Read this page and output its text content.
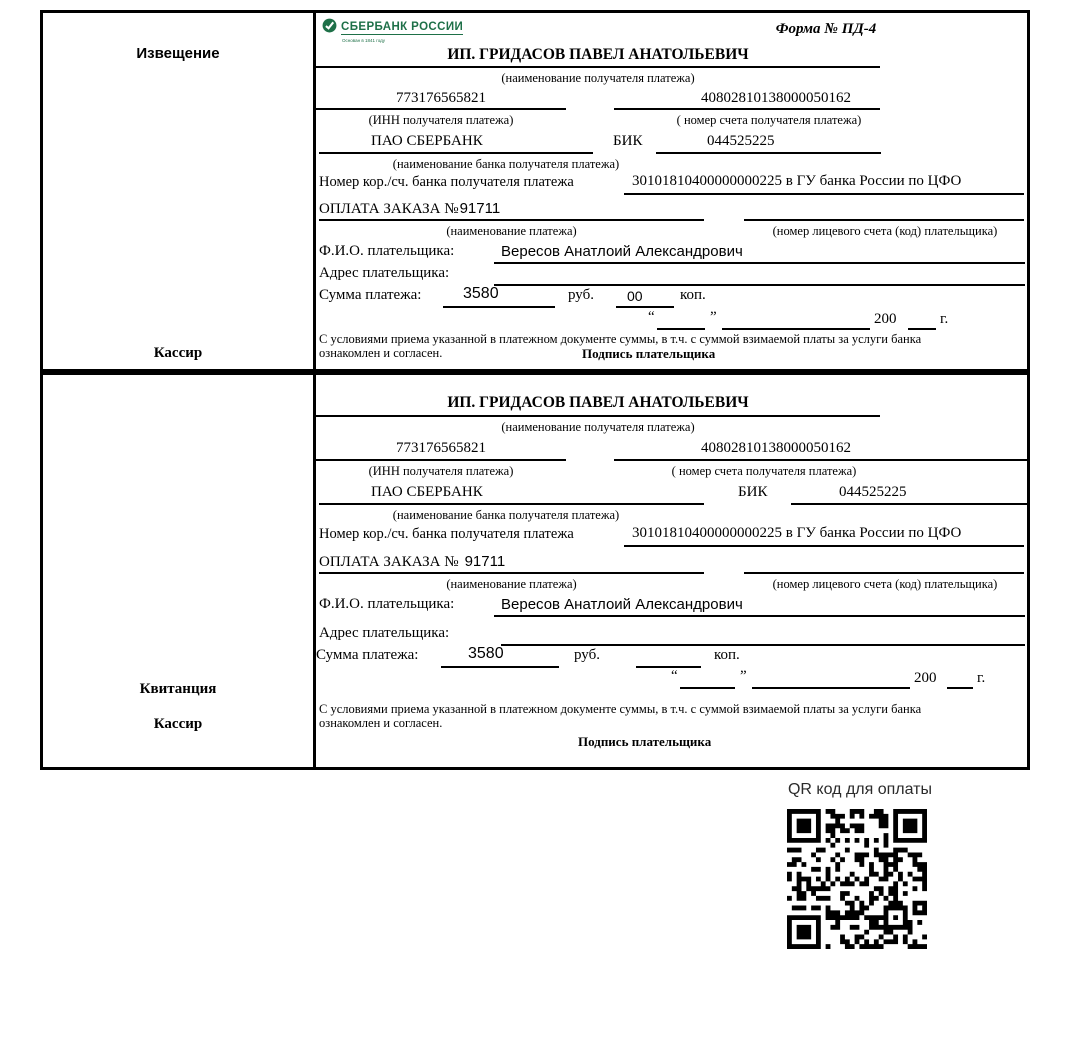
Извещение
Кассир
СБЕРБАНК РОССИИ
Основан в 1841 году
Форма № ПД-4
ИП. ГРИДАСОВ ПАВЕЛ АНАТОЛЬЕВИЧ
(наименование получателя платежа)
773176565821	40802810138000050162
(ИНН получателя платежа)	( номер счета получателя платежа)
ПАО СБЕРБАНК	БИК	044525225
(наименование банка получателя платежа)
Номер кор./сч. банка получателя платежа	30101810400000000225 в ГУ банка России по ЦФО
ОПЛАТА ЗАКАЗА №91711
(наименование платежа)	(номер лицевого счета (код) плательщика)
Ф.И.О. плательщика:	Вересов Анатлоий Александрович
Адрес плательщика:
Сумма платежа:	3580	руб. 00 коп.
“	”	200	г.
С условиями приема указанной в платежном документе суммы, в т.ч. с суммой взимаемой платы за услуги банка
ознакомлен и согласен.	Подпись плательщика
Квитанция
Кассир
ИП. ГРИДАСОВ ПАВЕЛ АНАТОЛЬЕВИЧ
(наименование получателя платежа)
773176565821	40802810138000050162
(ИНН получателя платежа)	( номер счета получателя платежа)
ПАО СБЕРБАНК	БИК	044525225
(наименование банка получателя платежа)
Номер кор./сч. банка получателя платежа	30101810400000000225 в ГУ банка России по ЦФО
ОПЛАТА ЗАКАЗА № 91711
(наименование платежа)	(номер лицевого счета (код) плательщика)
Ф.И.О. плательщика:	Вересов Анатлоий Александрович
Адрес плательщика:
Сумма платежа:	3580	руб.	коп.
“	”	200	г.
С условиями приема указанной в платежном документе суммы, в т.ч. с суммой взимаемой платы за услуги банка
ознакомлен и согласен.
Подпись плательщика
QR код для оплаты
